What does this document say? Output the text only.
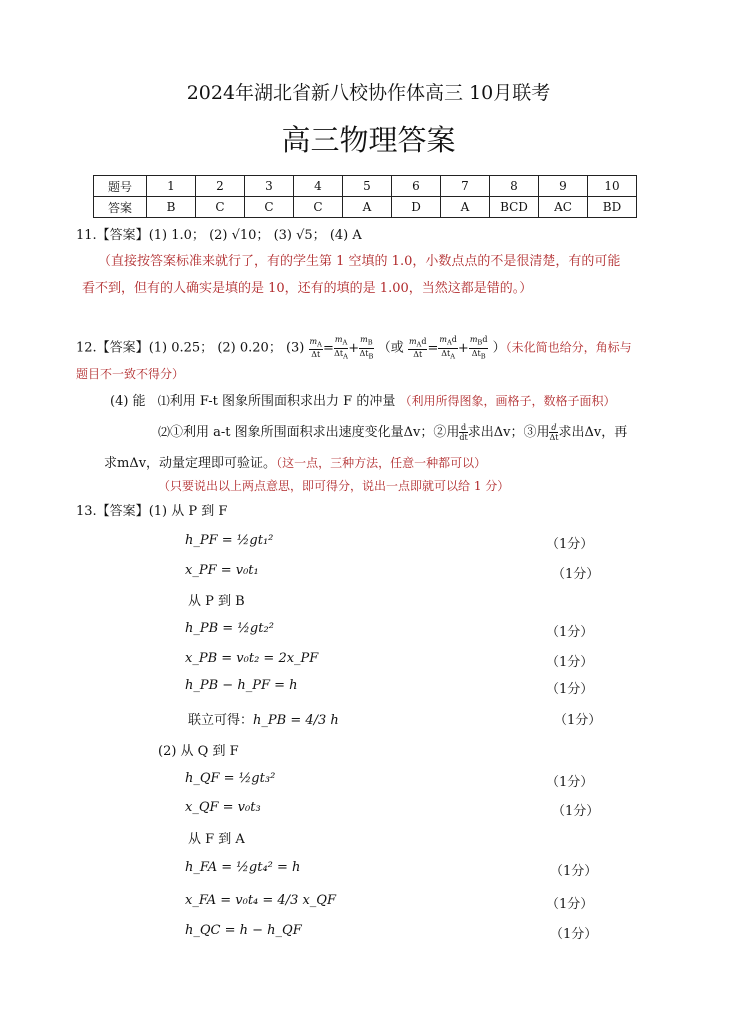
2024年湖北省新八校协作体高三 10月联考
高三物理答案
题号	1	2	3	4	5	6	7	8	9	10
答案	B	C	C	C	A	D	A	BCD	AC	BD
11.【答案】(1) 1.0； (2) √10； (3) √5； (4) A
（直接按答案标准来就行了，有的学生第 1 空填的 1.0，小数点点的不是很清楚，有的可能
看不到，但有的人确实是填的是 10，还有的填的是 1.00，当然这都是错的。）
12.【答案】(1) 0.25； (2) 0.20； $(3) \frac{m_A}{\Delta t} = \frac{m_A}{\Delta t_A} + \frac{m_B}{\Delta t_B}$ （或 $\frac{m_Ad}{\Delta t} = \frac{m_Ad}{\Delta t_A} + \frac{m_Bd}{\Delta t_B}$ ）（未化简也给分，角标与
题目不一致不得分）
(4) 能 ⑴利用 F-t 图象所围面积求出力 F 的冲量 （利用所得图象，画格子，数格子面积）
⑵①利用 a-t 图象所围面积求出速度变化量Δv；②用 $\frac{d}{dt}$ 求出Δv；③用 $\frac{d}{\Delta t}$ 求出Δv，再
求mΔv，动量定理即可验证。（这一点，三种方法，任意一种都可以）
（只要说出以上两点意思，即可得分，说出一点即就可以给 1 分）
13.【答案】(1) 从 P 到 F
h_PF = ½gt₁²	（1分）
x_PF = v₀t₁	（1分）
从 P 到 B
h_PB = ½gt₂²	（1分）
x_PB = v₀t₂ = 2x_PF	（1分）
h_PB − h_PF = h	（1分）
联立可得：h_PB = 4/3 h	（1分）
(2) 从 Q 到 F
h_QF = ½gt₃²	（1分）
x_QF = v₀t₃	（1分）
从 F 到 A
h_FA = ½gt₄² = h	（1分）
x_FA = v₀t₄ = 4/3 x_QF	（1分）
h_QC = h − h_QF	（1分）
